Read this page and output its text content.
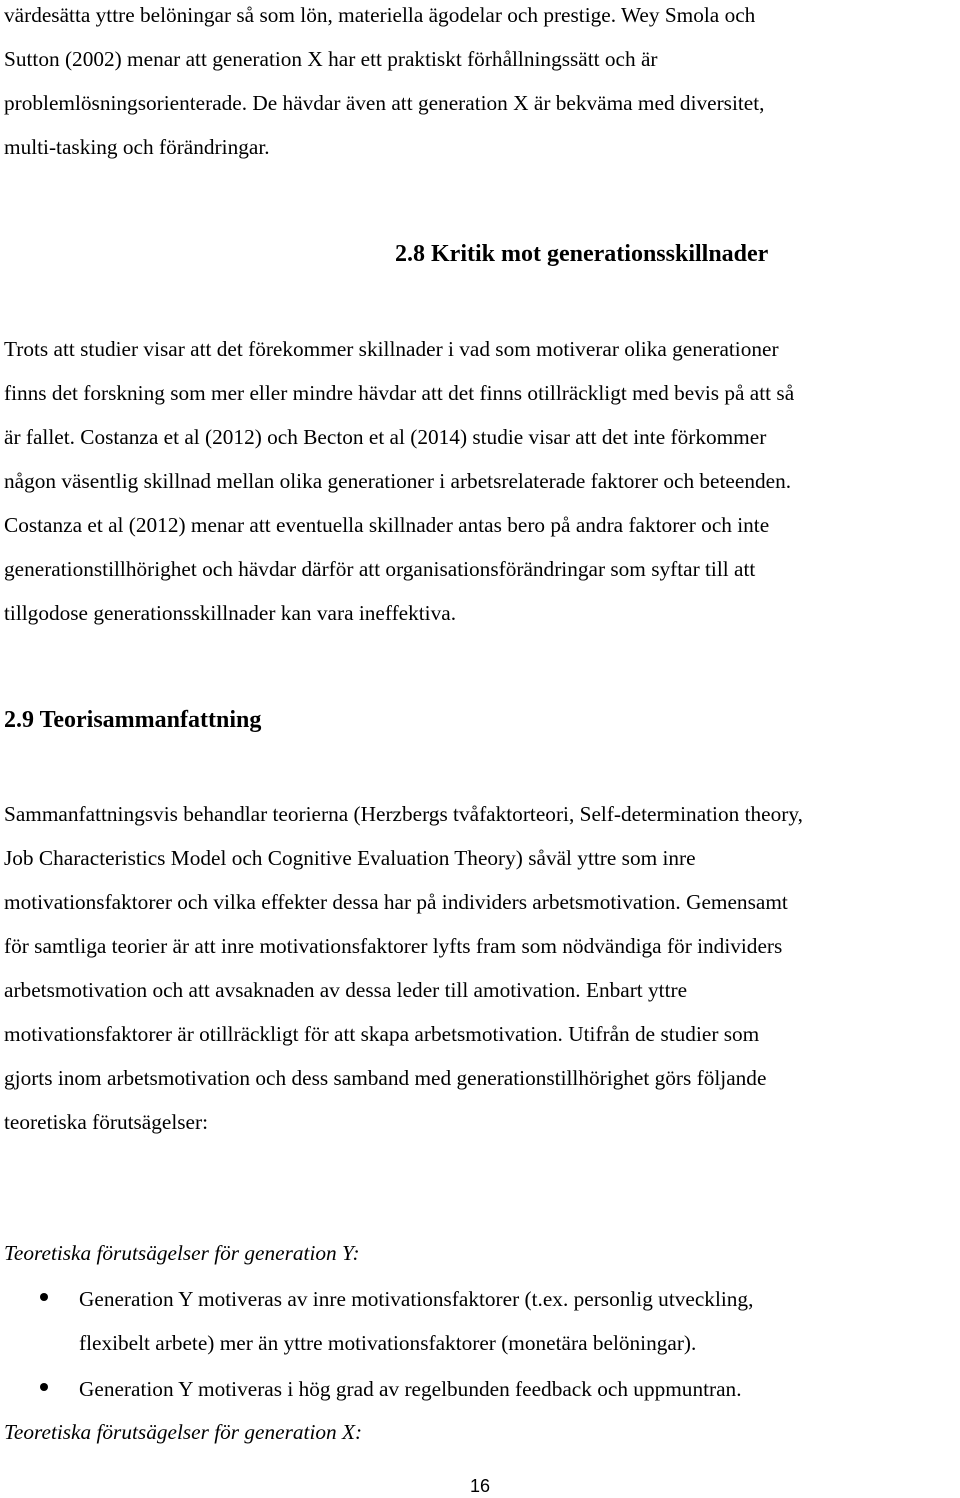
värdesätta yttre belöningar så som lön, materiella ägodelar och prestige. Wey Smola och
Sutton (2002) menar att generation X har ett praktiskt förhållningssätt och är
problemlösningsorienterade. De hävdar även att generation X är bekväma med diversitet,
multi-tasking och förändringar.
2.8 Kritik mot generationsskillnader
Trots att studier visar att det förekommer skillnader i vad som motiverar olika generationer
finns det forskning som mer eller mindre hävdar att det finns otillräckligt med bevis på att så
är fallet. Costanza et al (2012) och Becton et al (2014) studie visar att det inte förkommer
någon väsentlig skillnad mellan olika generationer i arbetsrelaterade faktorer och beteenden.
Costanza et al (2012) menar att eventuella skillnader antas bero på andra faktorer och inte
generationstillhörighet och hävdar därför att organisationsförändringar som syftar till att
tillgodose generationsskillnader kan vara ineffektiva.
2.9 Teorisammanfattning
Sammanfattningsvis behandlar teorierna (Herzbergs tvåfaktorteori, Self-determination theory,
Job Characteristics Model och Cognitive Evaluation Theory) såväl yttre som inre
motivationsfaktorer och vilka effekter dessa har på individers arbetsmotivation. Gemensamt
för samtliga teorier är att inre motivationsfaktorer lyfts fram som nödvändiga för individers
arbetsmotivation och att avsaknaden av dessa leder till amotivation. Enbart yttre
motivationsfaktorer är otillräckligt för att skapa arbetsmotivation. Utifrån de studier som
gjorts inom arbetsmotivation och dess samband med generationstillhörighet görs följande
teoretiska förutsägelser:
Teoretiska förutsägelser för generation Y:
Generation Y motiveras av inre motivationsfaktorer (t.ex. personlig utveckling,
flexibelt arbete) mer än yttre motivationsfaktorer (monetära belöningar).
Generation Y motiveras i hög grad av regelbunden feedback och uppmuntran.
Teoretiska förutsägelser för generation X:
16
